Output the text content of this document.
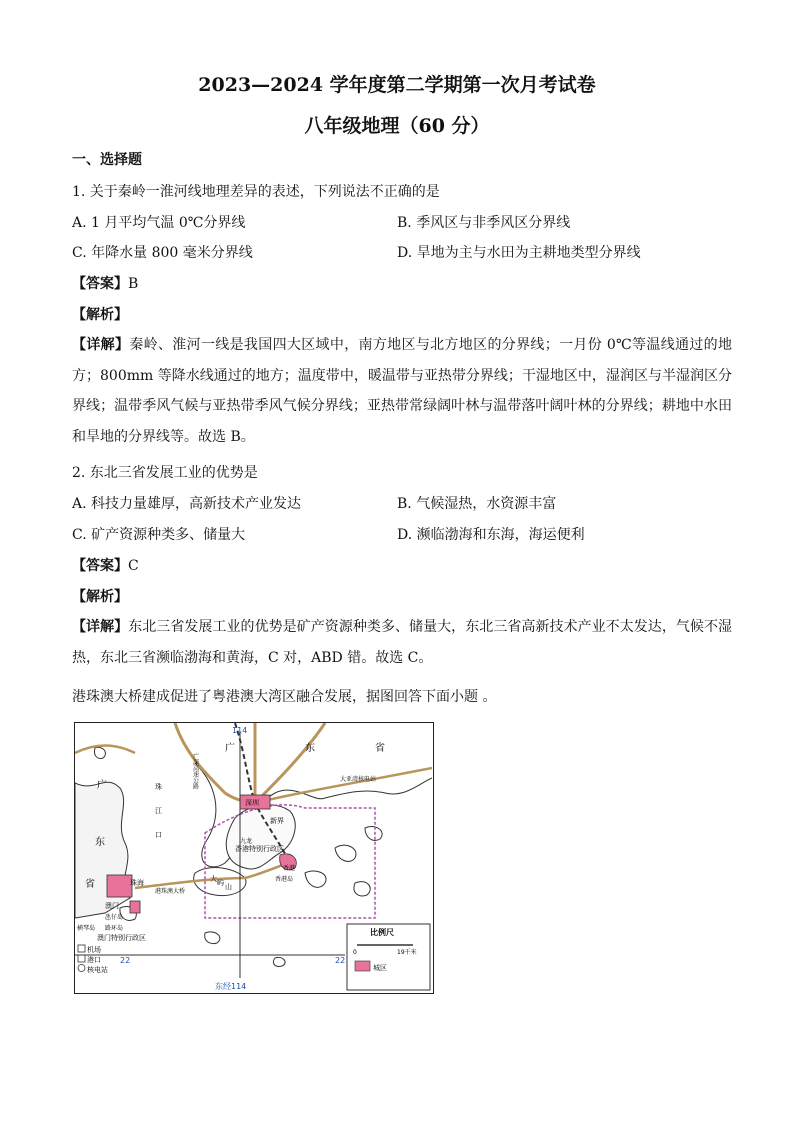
2023—2024 学年度第二学期第一次月考试卷
八年级地理（60 分）
一、选择题
1. 关于秦岭一淮河线地理差异的表述，下列说法不正确的是
A. 1 月平均气温 0℃分界线	B. 季风区与非季风区分界线
C. 年降水量 800 毫米分界线	D. 旱地为主与水田为主耕地类型分界线
【答案】B
【解析】
【详解】秦岭、淮河一线是我国四大区域中，南方地区与北方地区的分界线；一月份 0℃等温线通过的地方；800mm 等降水线通过的地方；温度带中，暖温带与亚热带分界线；干湿地区中，湿润区与半湿润区分界线；温带季风气候与亚热带季风气候分界线；亚热带常绿阔叶林与温带落叶阔叶林的分界线；耕地中水田和旱地的分界线等。故选 B。
2. 东北三省发展工业的优势是
A. 科技力量雄厚，高新技术产业发达	B. 气候湿热，水资源丰富
C. 矿产资源种类多、储量大	D. 濒临渤海和东海，海运便利
【答案】C
【解析】
【详解】东北三省发展工业的优势是矿产资源种类多、储量大，东北三省高新技术产业不太发达，气候不湿热，东北三省濒临渤海和黄海，C 对，ABD 错。故选 C。
港珠澳大桥建成促进了粤港澳大湾区融合发展，据图回答下面小题 。
114
东经114
22	22
广	东	省
广
东
省
广深高速公路
珠
江
口
深圳
新界
九龙
香港特别行政区
香港
香港岛
大 屿 山
珠海
港珠澳大桥
澳门
氹仔岛
路环岛
横琴岛
澳门特别行政区
大亚湾核电站
机场
港口
核电站
比例尺
0	19千米
城区
